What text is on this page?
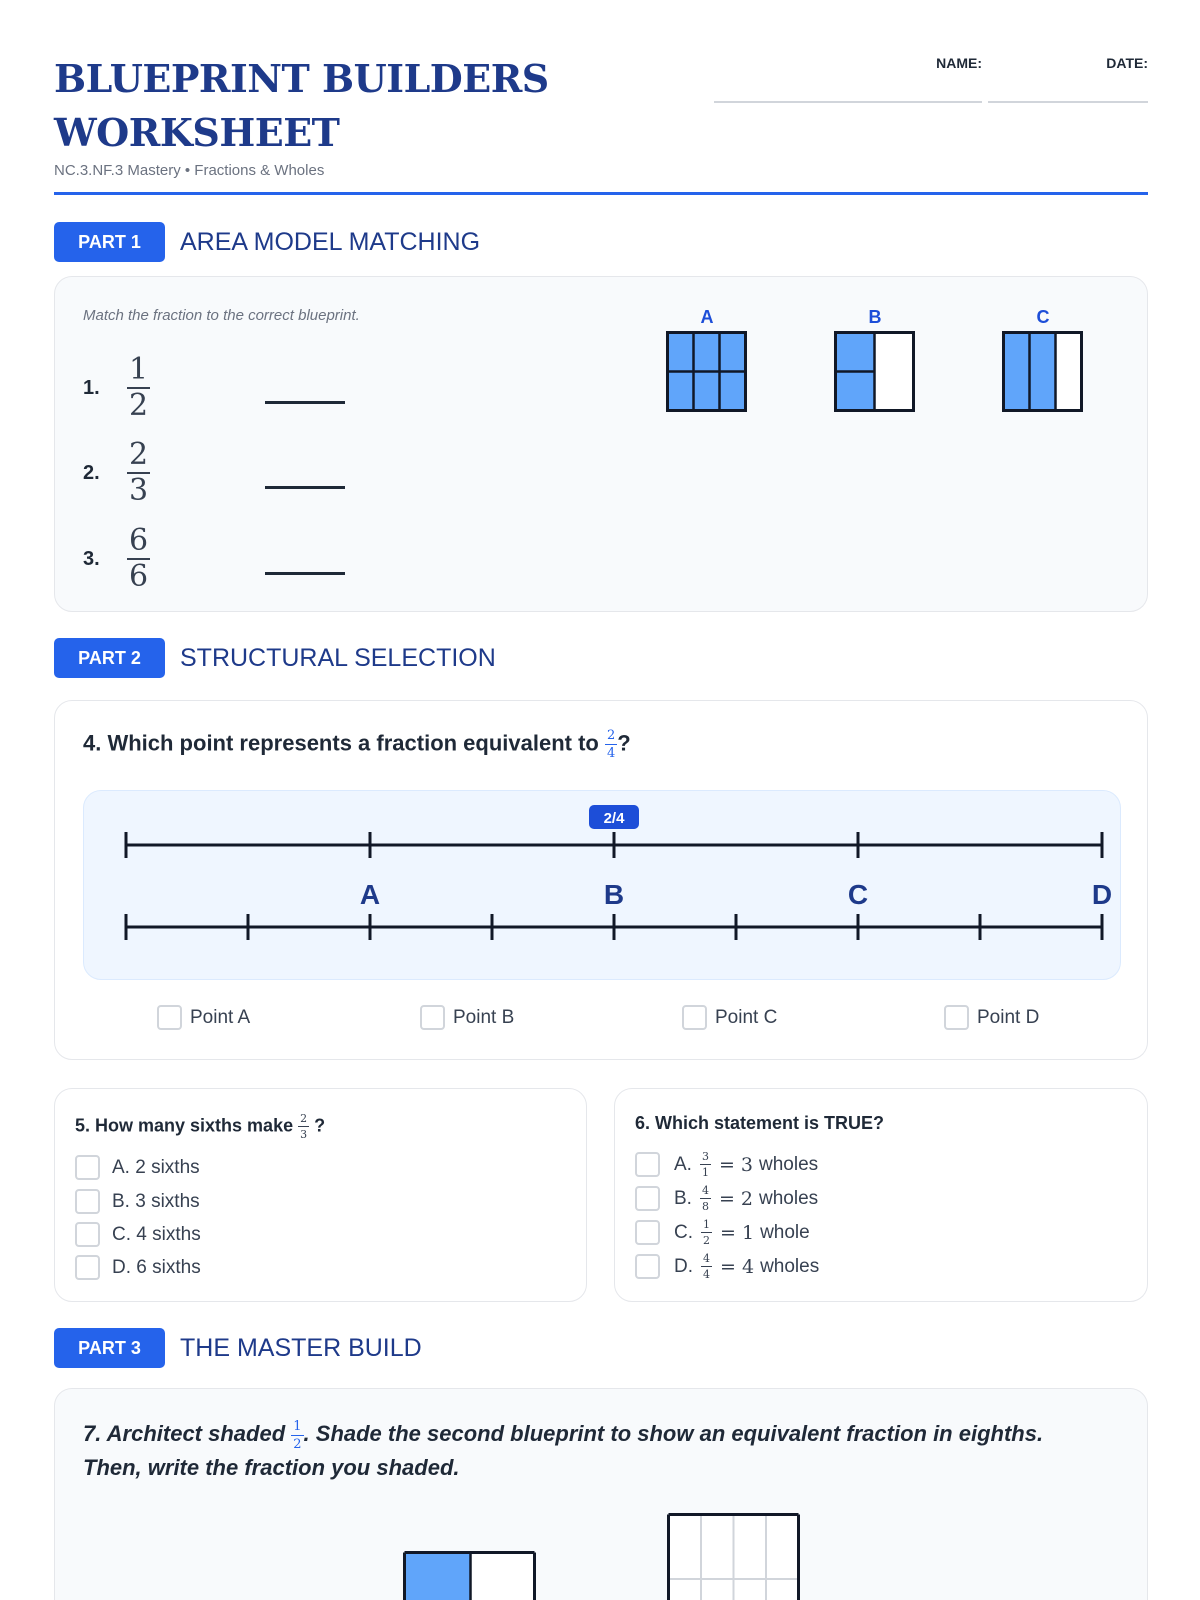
BLUEPRINT BUILDERS WORKSHEET
NC.3.NF.3 Mastery • Fractions & Wholes
NAME:	DATE:
PART 1	AREA MODEL MATCHING
Match the fraction to the correct blueprint.
1. $\frac{1}{2}$
2. $\frac{2}{3}$
3. $\frac{6}{6}$
A	B	C
PART 2	STRUCTURAL SELECTION
4. Which point represents a fraction equivalent to $\frac{2}{4}$ ?
A	B	C	D
2/4
Point A	Point B	Point C	Point D
5. How many sixths make $\frac{2}{3}$ ?
A. 2 sixths
B. 3 sixths
C. 4 sixths
D. 6 sixths
6. Which statement is TRUE?
A. $\frac{3}{1} = 3$ wholes
B. $\frac{4}{8} = 2$ wholes
C. $\frac{1}{2} = 1$ whole
D. $\frac{4}{4} = 4$ wholes
PART 3	THE MASTER BUILD
7. Architect shaded $\frac{1}{2}$ . Shade the second blueprint to show an equivalent fraction in eighths. Then, write the fraction you shaded.
